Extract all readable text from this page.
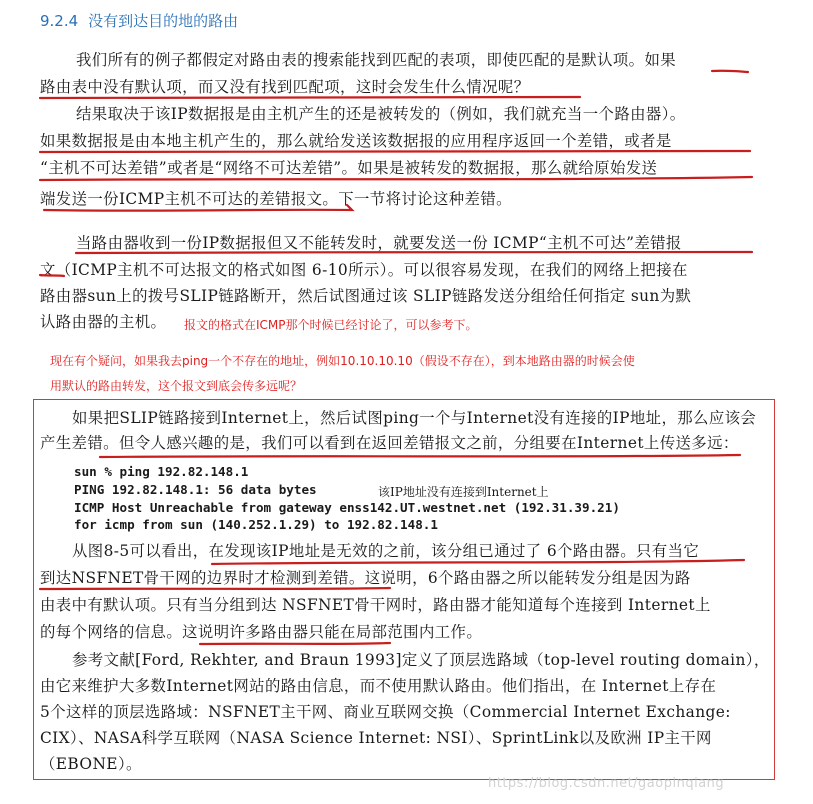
9.2.4 没有到达目的地的路由
我们所有的例子都假定对路由表的搜索能找到匹配的表项，即使匹配的是默认项。如果
路由表中没有默认项，而又没有找到匹配项，这时会发生什么情况呢？
结果取决于该IP数据报是由主机产生的还是被转发的（例如，我们就充当一个路由器）。
如果数据报是由本地主机产生的，那么就给发送该数据报的应用程序返回一个差错，或者是
“主机不可达差错”或者是“网络不可达差错”。如果是被转发的数据报，那么就给原始发送
端发送一份ICMP主机不可达的差错报文。下一节将讨论这种差错。
当路由器收到一份IP数据报但又不能转发时，就要发送一份 ICMP“主机不可达”差错报
文（ICMP主机不可达报文的格式如图 6-10所示）。可以很容易发现，在我们的网络上把接在
路由器sun上的拨号SLIP链路断开，然后试图通过该 SLIP链路发送分组给任何指定 sun为默
认路由器的主机。 报文的格式在ICMP那个时候已经讨论了，可以参考下。
现在有个疑问，如果我去ping一个不存在的地址，例如10.10.10.10（假设不存在），到本地路由器的时候会使
用默认的路由转发，这个报文到底会传多远呢？
如果把SLIP链路接到Internet上，然后试图ping一个与Internet没有连接的IP地址，那么应该会
产生差错。但令人感兴趣的是，我们可以看到在返回差错报文之前，分组要在Internet上传送多远：
sun % ping 192.82.148.1
PING 192.82.148.1: 56 data bytes	该IP地址没有连接到Internet上
ICMP Host Unreachable from gateway enss142.UT.westnet.net (192.31.39.21)
for icmp from sun (140.252.1.29) to 192.82.148.1
从图8-5可以看出，在发现该IP地址是无效的之前，该分组已通过了 6个路由器。只有当它
到达NSFNET骨干网的边界时才检测到差错。这说明，6个路由器之所以能转发分组是因为路
由表中有默认项。只有当分组到达 NSFNET骨干网时，路由器才能知道每个连接到 Internet上
的每个网络的信息。这说明许多路由器只能在局部范围内工作。
参考文献[Ford, Rekhter, and Braun 1993]定义了顶层选路域（top-level routing domain），
由它来维护大多数Internet网站的路由信息，而不使用默认路由。他们指出，在 Internet上存在
5个这样的顶层选路域：NSFNET主干网、商业互联网交换（Commercial Internet Exchange:
CIX）、NASA科学互联网（NASA Science Internet: NSI）、SprintLink以及欧洲 IP主干网
（EBONE）。
https://blog.csdn.net/gaopinqiang
